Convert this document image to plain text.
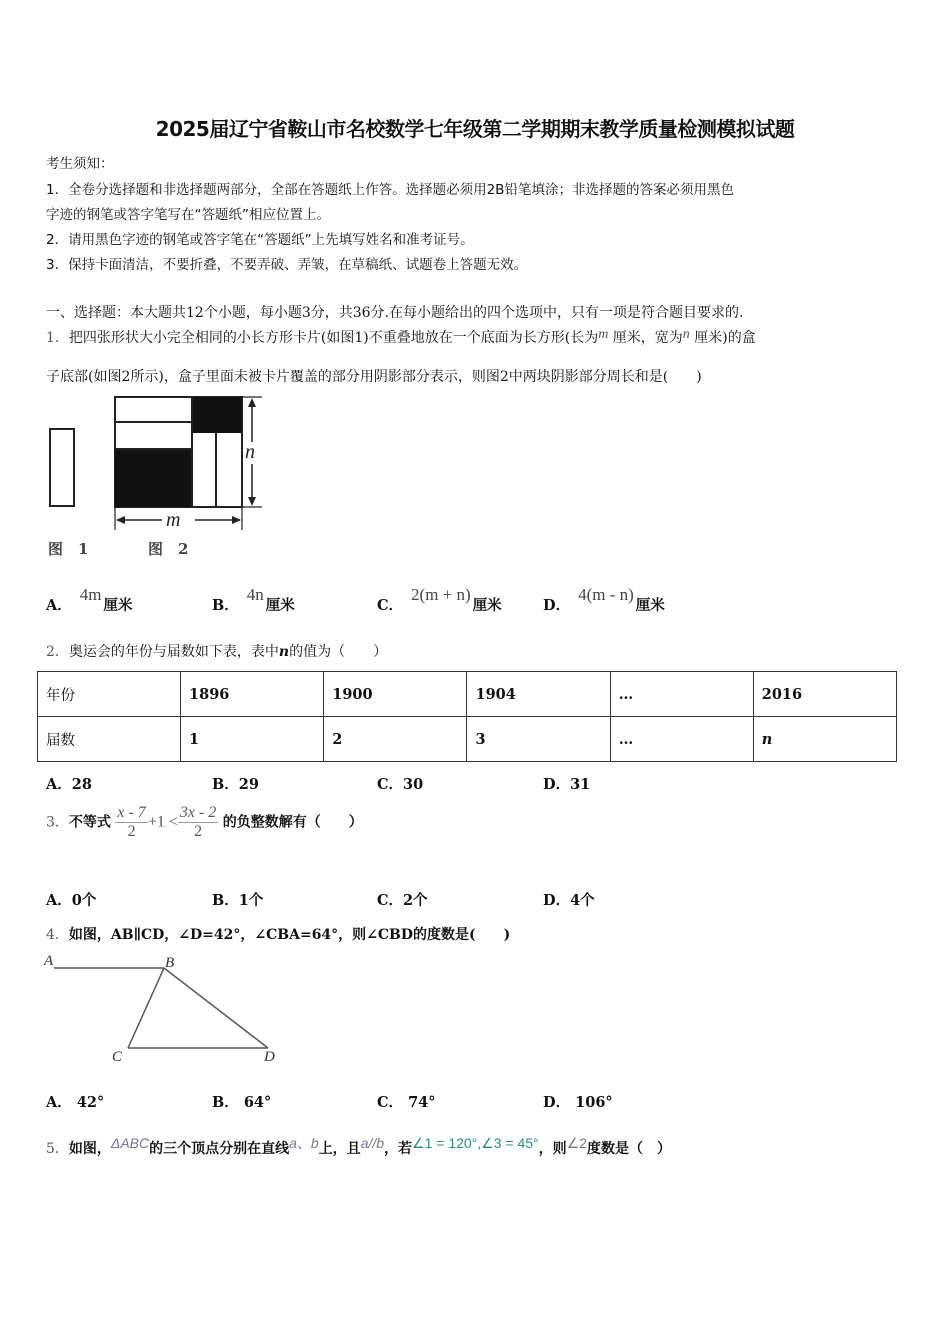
2025届辽宁省鞍山市名校数学七年级第二学期期末教学质量检测模拟试题
考生须知：
1．全卷分选择题和非选择题两部分，全部在答题纸上作答。选择题必须用2B铅笔填涂；非选择题的答案必须用黑色
字迹的钢笔或答字笔写在“答题纸”相应位置上。
2．请用黑色字迹的钢笔或答字笔在“答题纸”上先填写姓名和准考证号。
3．保持卡面清洁，不要折叠，不要弄破、弄皱，在草稿纸、试题卷上答题无效。
一、选择题：本大题共12个小题，每小题3分，共36分.在每小题给出的四个选项中，只有一项是符合题目要求的.
1．把四张形状大小完全相同的小长方形卡片(如图1)不重叠地放在一个底面为长方形(长为m 厘米，宽为n 厘米)的盒
子底部(如图2所示)，盒子里面未被卡片覆盖的部分用阴影部分表示，则图2中两块阴影部分周长和是(　　)
n
m
图　1	图　2
A．4m厘米	B．4n厘米	C．2(m + n)厘米	D．4(m - n)厘米
2．奥运会的年份与届数如下表，表中n的值为（　　）
年份	1896	1900	1904	…	2016
届数	1	2	3	…	n
A．28	B．29	C．30	D．31
3．不等式 $\frac{x - 7}{2} +1 < \frac{3x - 2}{2}$ 的负整数解有（　　）
A．0个	B．1个	C．2个	D．4个
4．如图，AB∥CD，∠D=42°，∠CBA=64°，则∠CBD的度数是(　　)
A	B
C	D
A． 42°	B． 64°	C． 74°	D． 106°
5．如图，ΔABC的三个顶点分别在直线a、b上，且a//b，若∠1 = 120°,∠3 = 45°，则∠2度数是（　）
